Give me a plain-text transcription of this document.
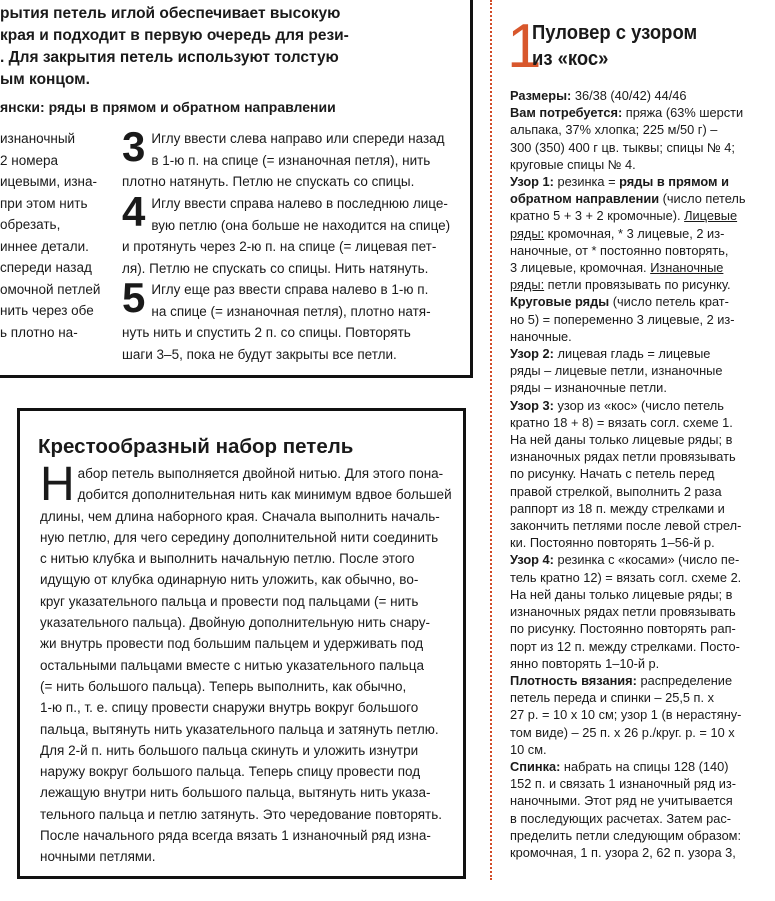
рытия петель иглой обеспечивает высокую
края и подходит в первую очередь для рези-
. Для закрытия петель используют толстую
ым концом.
янски: ряды в прямом и обратном направлении
изнаночный
2 номера
ицевыми, изна-
при этом нить
обрезать,
иннее детали.
спереди назад
омочной петлей
нить через обе
ь плотно на-
3 Иглу ввести слева направо или спереди назад
в 1-ю п. на спице (= изнаночная петля), нить
плотно натянуть. Петлю не спускать со спицы.
4 Иглу ввести справа налево в последнюю лице-
вую петлю (она больше не находится на спице)
и протянуть через 2-ю п. на спице (= лицевая пет-
ля). Петлю не спускать со спицы. Нить натянуть.
5 Иглу еще раз ввести справа налево в 1-ю п.
на спице (= изнаночная петля), плотно натя-
нуть нить и спустить 2 п. со спицы. Повторять
шаги 3–5, пока не будут закрыты все петли.
Крестообразный набор петель
Н абор петель выполняется двойной нитью. Для этого пона-
добится дополнительная нить как минимум вдвое большей
длины, чем длина наборного края. Сначала выполнить началь-
ную петлю, для чего середину дополнительной нити соединить
с нитью клубка и выполнить начальную петлю. После этого
идущую от клубка одинарную нить уложить, как обычно, во-
круг указательного пальца и провести под пальцами (= нить
указательного пальца). Двойную дополнительную нить снару-
жи внутрь провести под большим пальцем и удерживать под
остальными пальцами вместе с нитью указательного пальца
(= нить большого пальца). Теперь выполнить, как обычно,
1-ю п., т. е. спицу провести снаружи внутрь вокруг большого
пальца, вытянуть нить указательного пальца и затянуть петлю.
Для 2-й п. нить большого пальца скинуть и уложить изнутри
наружу вокруг большого пальца. Теперь спицу провести под
лежащую внутри нить большого пальца, вытянуть нить указа-
тельного пальца и петлю затянуть. Это чередование повторять.
После начального ряда всегда вязать 1 изнаночный ряд изна-
ночными петлями.
1
Пуловер с узором
из «кос»
Размеры: 36/38 (40/42) 44/46
Вам потребуется: пряжа (63% шерсти
альпака, 37% хлопка; 225 м/50 г) –
300 (350) 400 г цв. тыквы; спицы № 4;
круговые спицы № 4.
Узор 1: резинка = ряды в прямом и
обратном направлении (число петель
кратно 5 + 3 + 2 кромочные). Лицевые
ряды: кромочная, * 3 лицевые, 2 из-
наночные, от * постоянно повторять,
3 лицевые, кромочная. Изнаночные
ряды: петли провязывать по рисунку.
Круговые ряды (число петель крат-
но 5) = попеременно 3 лицевые, 2 из-
наночные.
Узор 2: лицевая гладь = лицевые
ряды – лицевые петли, изнаночные
ряды – изнаночные петли.
Узор 3: узор из «кос» (число петель
кратно 18 + 8) = вязать согл. схеме 1.
На ней даны только лицевые ряды; в
изнаночных рядах петли провязывать
по рисунку. Начать с петель перед
правой стрелкой, выполнить 2 раза
раппорт из 18 п. между стрелками и
закончить петлями после левой стрел-
ки. Постоянно повторять 1–56-й р.
Узор 4: резинка с «косами» (число пе-
тель кратно 12) = вязать согл. схеме 2.
На ней даны только лицевые ряды; в
изнаночных рядах петли провязывать
по рисунку. Постоянно повторять рап-
порт из 12 п. между стрелками. Посто-
янно повторять 1–10-й р.
Плотность вязания: распределение
петель переда и спинки – 25,5 п. х
27 р. = 10 х 10 см; узор 1 (в нерастяну-
том виде) – 25 п. х 26 р./круг. р. = 10 х
10 см.
Спинка: набрать на спицы 128 (140)
152 п. и связать 1 изнаночный ряд из-
наночными. Этот ряд не учитывается
в последующих расчетах. Затем рас-
пределить петли следующим образом:
кромочная, 1 п. узора 2, 62 п. узора 3,
